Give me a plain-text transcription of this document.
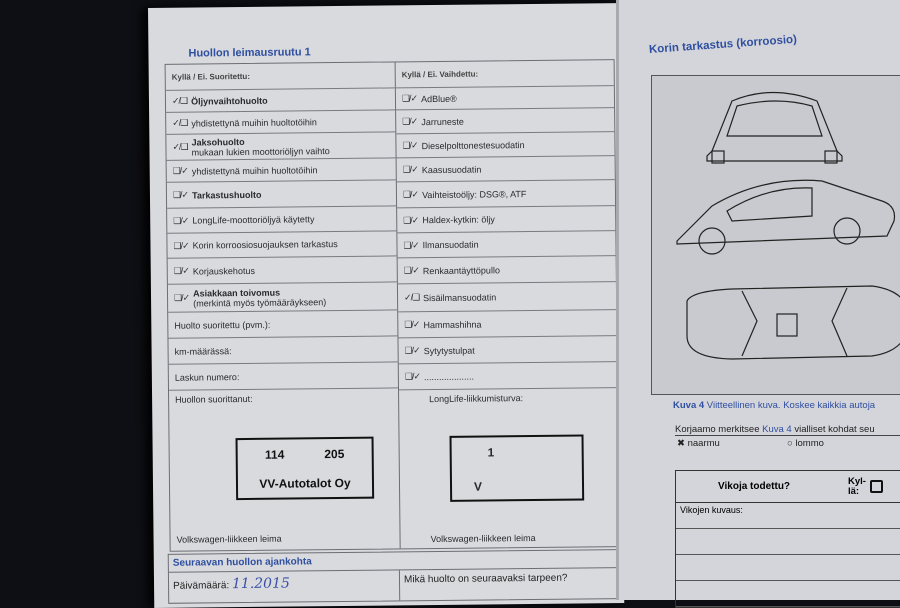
Huollon leimausruutu 1
Kyllä / Ei. Suoritettu:
✓/❑ Öljynvaihtohuolto
✓/❑ yhdistettynä muihin huoltotöihin
✓/❑ Jaksohuolto
mukaan lukien moottoriöljyn vaihto
❑/✓ yhdistettynä muihin huoltotöihin
❑/✓ Tarkastushuolto
❑/✓ LongLife-moottoriöljyä käytetty
❑/✓ Korin korroosiosuojauksen tarkastus
❑/✓ Korjauskehotus
❑/✓ Asiakkaan toivomus
(merkintä myös työmääräykseen)
Huolto suoritettu (pvm.):
km-määrässä:
Laskun numero:
Huollon suorittanut:
114	205
VV-Autotalot Oy
Volkswagen-liikkeen leima
Kyllä / Ei. Vaihdettu:
❑/✓ AdBlue®
❑/✓ Jarruneste
❑/✓ Dieselpolttonestesuodatin
❑/✓ Kaasusuodatin
❑/✓ Vaihteistoöljy: DSG®, ATF
❑/✓ Haldex-kytkin: öljy
❑/✓ Ilmansuodatin
❑/✓ Renkaantäyttöpullo
✓/❑ Sisäilmansuodatin
❑/✓ Hammashihna
❑/✓ Sytytystulpat
❑/✓ ....................
LongLife-liikkumisturva:
1
V
Volkswagen-liikkeen leima
Seuraavan huollon ajankohta
Päivämäärä: 11.2015	Mikä huolto on seuraavaksi tarpeen?
Korin tarkastus (korroosio)
Kuva 4 Viitteellinen kuva. Koskee kaikkia autoja
Korjaamo merkitsee Kuva 4 vialliset kohdat seu
✖ naarmu	○ lommo
Vikoja todettu?	Kyl-
lä:
Vikojen kuvaus:
